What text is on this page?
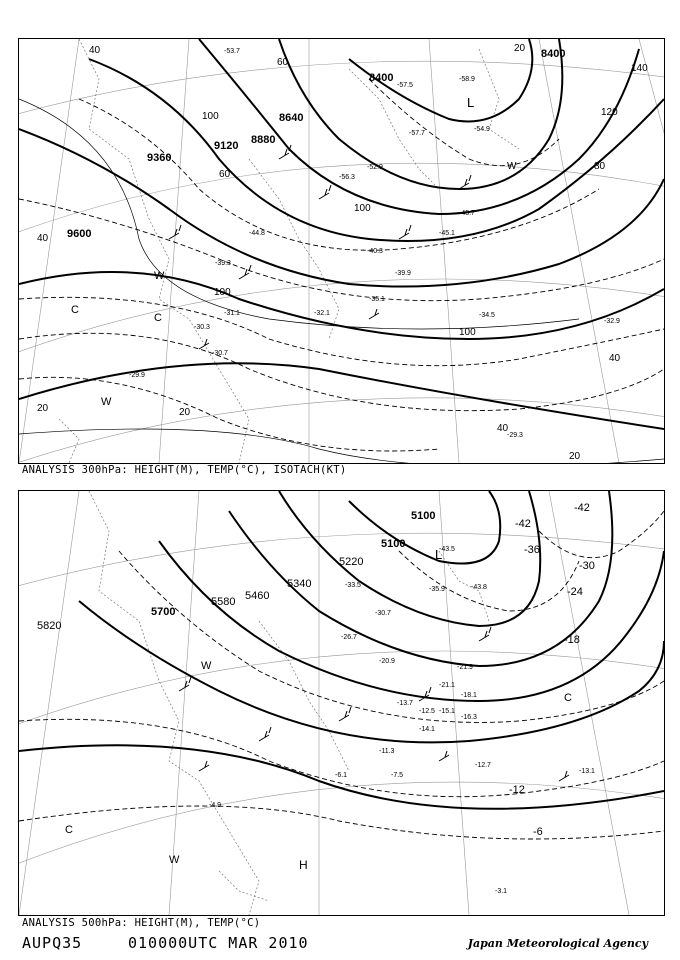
9600
9360
9120 8880
8640
8400
8400
20
20	20
20
40
40
40
60
60
80
100
100
100
100
120
140
40
-53.7
-57.5
-58.9
-56.3
-54.9
-52.9
-57.7
-45.7
-44.8	-45.1
-40.3
-39.3
-39.9
-35.1
-34.5
-32.9
-32.1
-31.1
-30.7
-30.3
-29.9
-29.3
L
W
W
C
C
W
ANALYSIS 300hPa: HEIGHT(M), TEMP(°C), ISOTACH(KT)
5820
5700
5580 5460
5340
5100
5100
5220
-42
-42
-36
-30
-24
-18
-12
-6
-43.5
-43.8
-35.9
-30.7
-33.5
-26.7
-21.9
-20.9
-21.1
-18.1
-16.3
-15.1
-13.7
-12.5
-14.1
-11.3
-7.5
-6.1
-12.7
-13.1
-4.9
-3.1
L
C
W
C
W	H
ANALYSIS 500hPa: HEIGHT(M), TEMP(°C)
AUPQ35	010000UTC MAR 2010	Japan Meteorological Agency
